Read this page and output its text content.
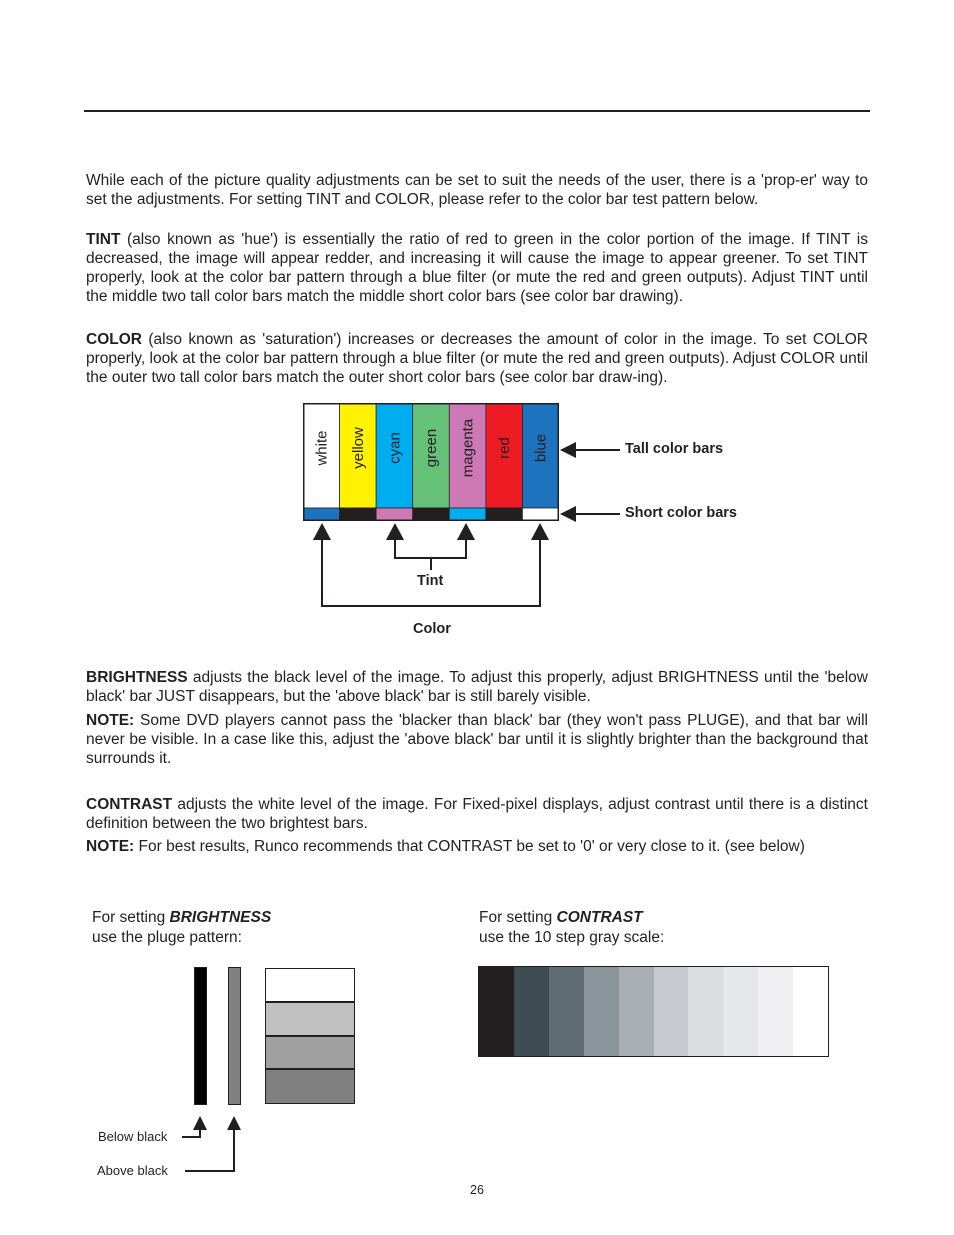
While each of the picture quality adjustments can be set to suit the needs of the user, there is a 'prop-er' way to set the adjustments. For setting TINT and COLOR, please refer to the color bar test pattern below.

TINT (also known as 'hue') is essentially the ratio of red to green in the color portion of the image. If TINT is decreased, the image will appear redder, and increasing it will cause the image to appear greener. To set TINT properly, look at the color bar pattern through a blue filter (or mute the red and green outputs). Adjust TINT until the middle two tall color bars match the middle short color bars (see color bar drawing).

COLOR (also known as 'saturation') increases or decreases the amount of color in the image. To set COLOR properly, look at the color bar pattern through a blue filter (or mute the red and green outputs). Adjust COLOR until the outer two tall color bars match the outer short color bars (see color bar draw-ing).

white yellow cyan green magenta red blue	Tall color bars
Short color bars
Tint
Color

BRIGHTNESS adjusts the black level of the image. To adjust this properly, adjust BRIGHTNESS until the 'below black' bar JUST disappears, but the 'above black' bar is still barely visible.

NOTE: Some DVD players cannot pass the 'blacker than black' bar (they won't pass PLUGE), and that bar will never be visible. In a case like this, adjust the 'above black' bar until it is slightly brighter than the background that surrounds it.

CONTRAST adjusts the white level of the image. For Fixed-pixel displays, adjust contrast until there is a distinct definition between the two brightest bars.

NOTE: For best results, Runco recommends that CONTRAST be set to '0' or very close to it. (see below)

For setting BRIGHTNESS
use the pluge pattern:
For setting CONTRAST
use the 10 step gray scale:
Below black
Above black
26
